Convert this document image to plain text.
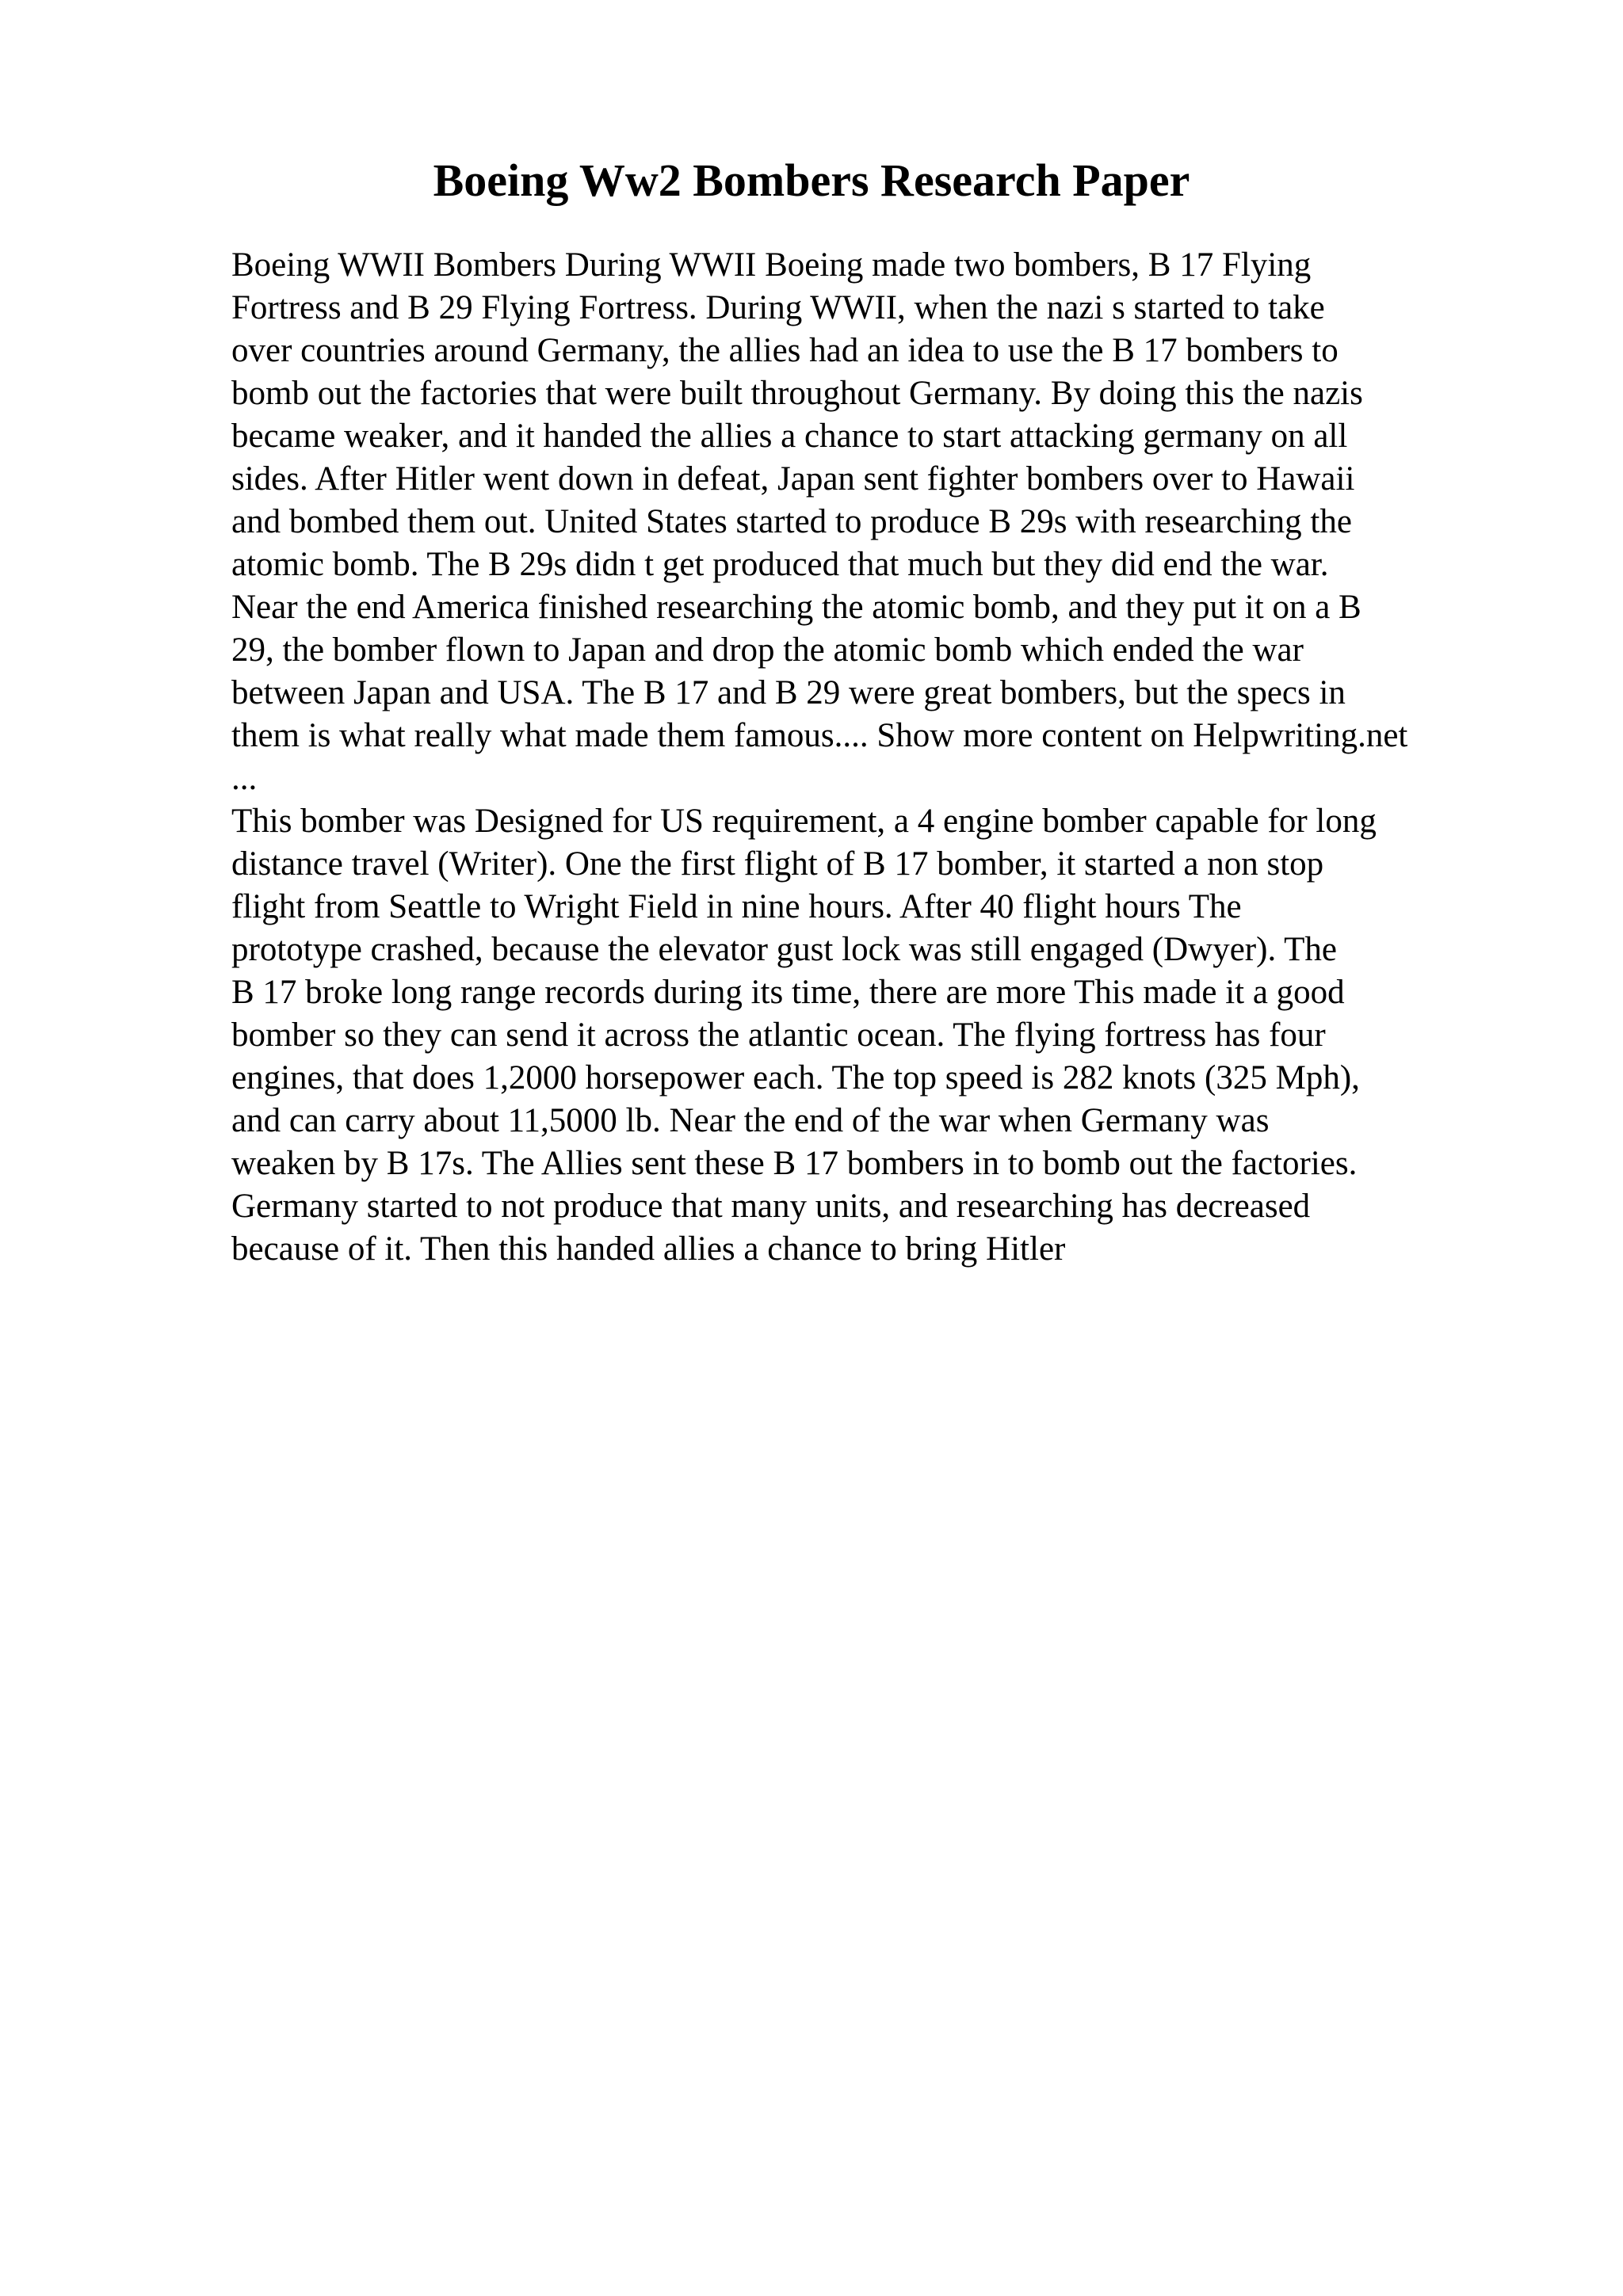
Boeing Ww2 Bombers Research Paper
Boeing WWII Bombers During WWII Boeing made two bombers, B 17 Flying
Fortress and B 29 Flying Fortress. During WWII, when the nazi s started to take
over countries around Germany, the allies had an idea to use the B 17 bombers to
bomb out the factories that were built throughout Germany. By doing this the nazis
became weaker, and it handed the allies a chance to start attacking germany on all
sides. After Hitler went down in defeat, Japan sent fighter bombers over to Hawaii
and bombed them out. United States started to produce B 29s with researching the
atomic bomb. The B 29s didn t get produced that much but they did end the war.
Near the end America finished researching the atomic bomb, and they put it on a B
29, the bomber flown to Japan and drop the atomic bomb which ended the war
between Japan and USA. The B 17 and B 29 were great bombers, but the specs in
them is what really what made them famous.... Show more content on Helpwriting.net
...
This bomber was Designed for US requirement, a 4 engine bomber capable for long
distance travel (Writer). One the first flight of B 17 bomber, it started a non stop
flight from Seattle to Wright Field in nine hours. After 40 flight hours The
prototype crashed, because the elevator gust lock was still engaged (Dwyer). The
B 17 broke long range records during its time, there are more This made it a good
bomber so they can send it across the atlantic ocean. The flying fortress has four
engines, that does 1,2000 horsepower each. The top speed is 282 knots (325 Mph),
and can carry about 11,5000 lb. Near the end of the war when Germany was
weaken by B 17s. The Allies sent these B 17 bombers in to bomb out the factories.
Germany started to not produce that many units, and researching has decreased
because of it. Then this handed allies a chance to bring Hitler
